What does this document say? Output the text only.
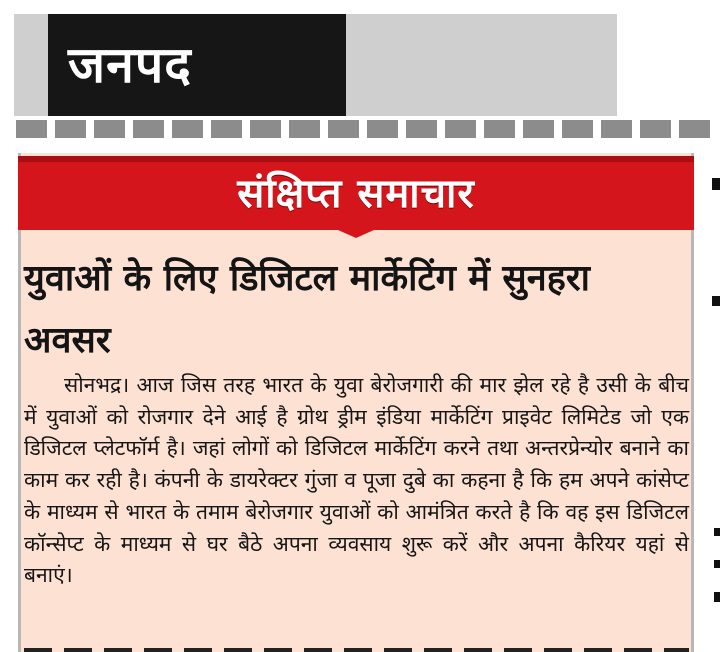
जनपद
संक्षिप्त समाचार
युवाओं के लिए डिजिटल मार्केटिंग में सुनहरा अवसर
सोनभद्र। आज जिस तरह भारत के युवा बेरोजगारी की मार झेल रहे है उसी के बीच में युवाओं को रोजगार देने आई है ग्रोथ ड्रीम इंडिया मार्केटिंग प्राइवेट लिमिटेड जो एक डिजिटल प्लेटफॉर्म है। जहां लोगों को डिजिटल मार्केटिंग करने तथा अन्तरप्रेन्योर बनाने का काम कर रही है। कंपनी के डायरेक्टर गुंजा व पूजा दुबे का कहना है कि हम अपने कांसेप्ट के माध्यम से भारत के तमाम बेरोजगार युवाओं को आमंत्रित करते है कि वह इस डिजिटल कॉन्सेप्ट के माध्यम से घर बैठे अपना व्यवसाय शुरू करें और अपना कैरियर यहां से बनाएं।
